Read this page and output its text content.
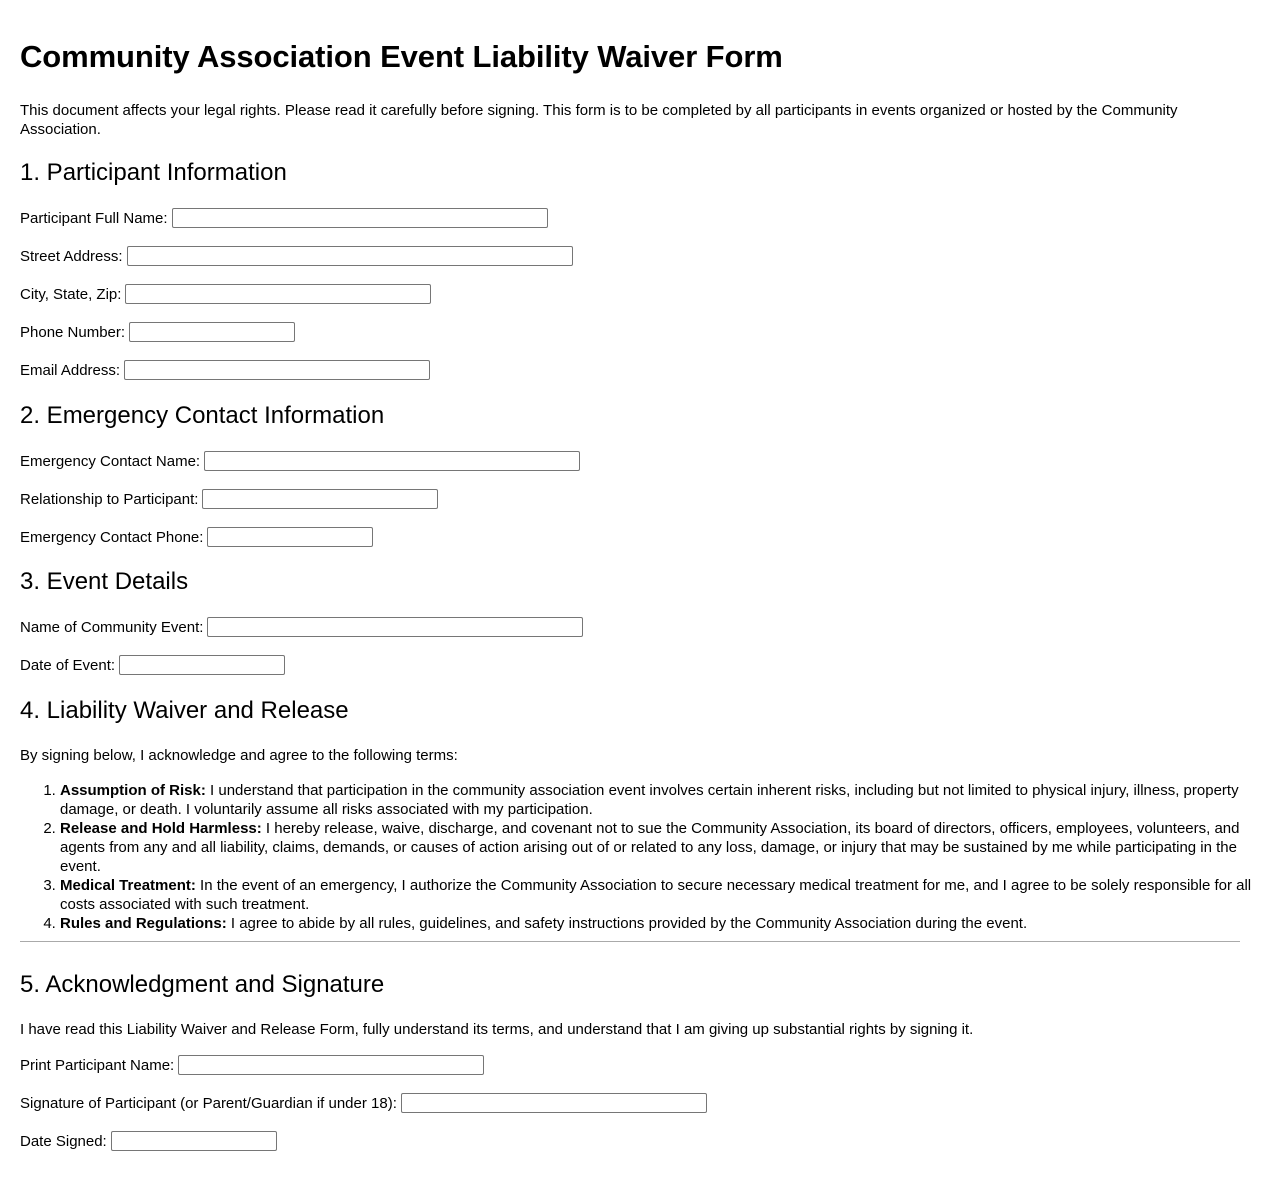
Community Association Event Liability Waiver Form

This document affects your legal rights. Please read it carefully before signing. This form is to be completed by all participants in events organized or hosted by the Community Association.

1. Participant Information
Participant Full Name:
Street Address:
City, State, Zip:
Phone Number:
Email Address:
2. Emergency Contact Information
Emergency Contact Name:
Relationship to Participant:
Emergency Contact Phone:
3. Event Details
Name of Community Event:
Date of Event:
4. Liability Waiver and Release

By signing below, I acknowledge and agree to the following terms:

1. Assumption of Risk: I understand that participation in the community association event involves certain inherent risks, including but not limited to physical injury, illness, property damage, or death. I voluntarily assume all risks associated with my participation.
2. Release and Hold Harmless: I hereby release, waive, discharge, and covenant not to sue the Community Association, its board of directors, officers, employees, volunteers, and agents from any and all liability, claims, demands, or causes of action arising out of or related to any loss, damage, or injury that may be sustained by me while participating in the event.
3. Medical Treatment: In the event of an emergency, I authorize the Community Association to secure necessary medical treatment for me, and I agree to be solely responsible for all costs associated with such treatment.
4. Rules and Regulations: I agree to abide by all rules, guidelines, and safety instructions provided by the Community Association during the event.
5. Acknowledgment and Signature

I have read this Liability Waiver and Release Form, fully understand its terms, and understand that I am giving up substantial rights by signing it.

Print Participant Name:
Signature of Participant (or Parent/Guardian if under 18):
Date Signed:
